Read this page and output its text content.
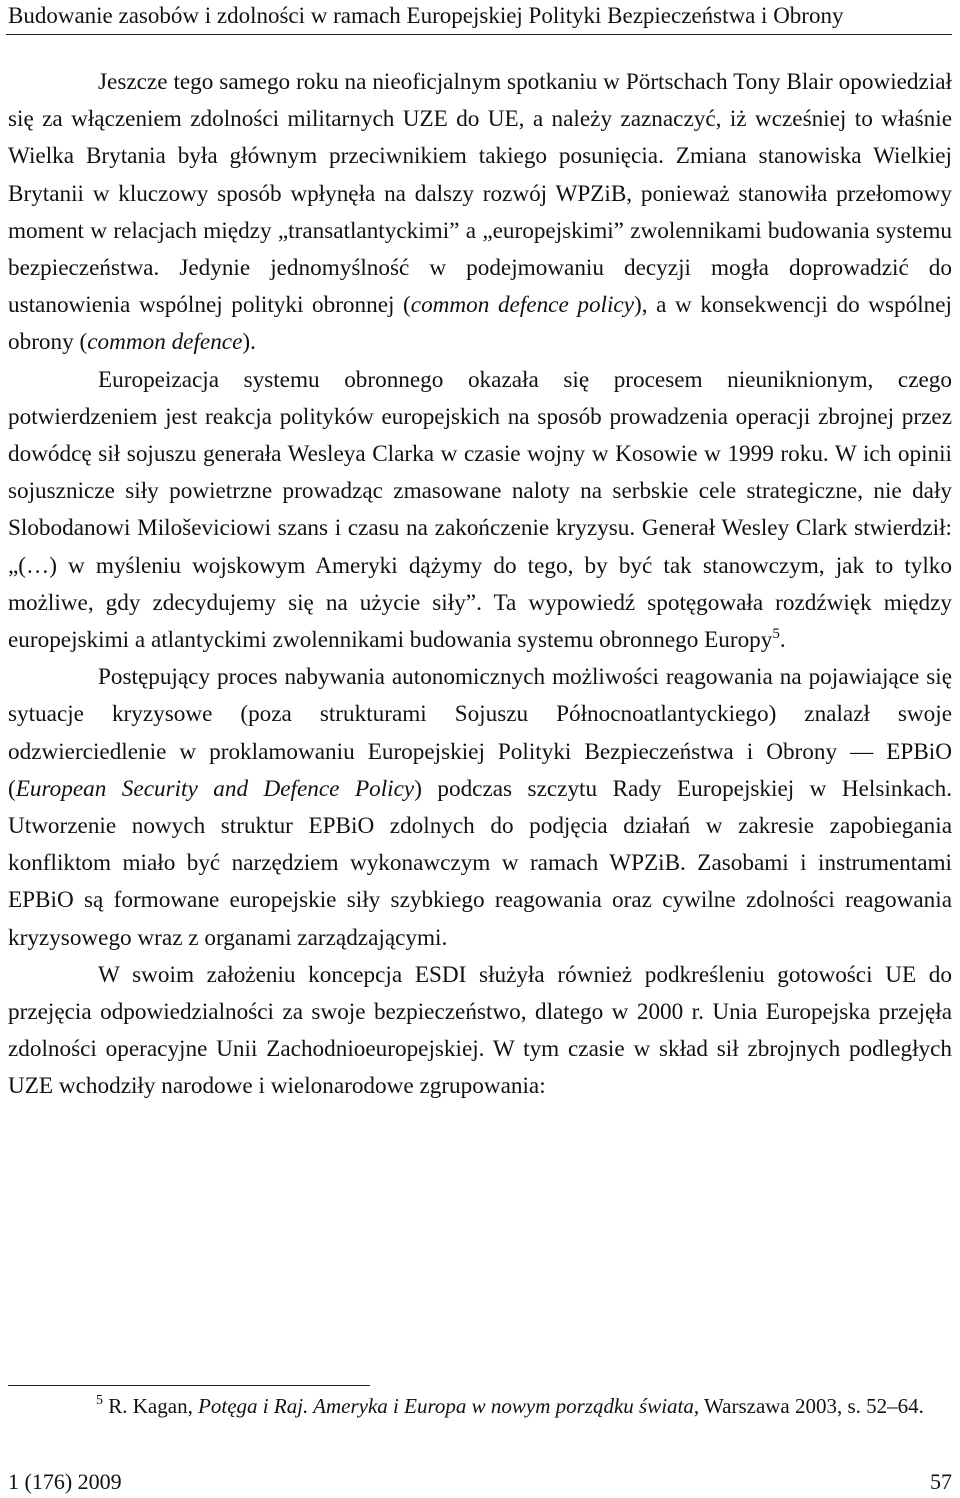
Budowanie zasobów i zdolności w ramach Europejskiej Polityki Bezpieczeństwa i Obrony

Jeszcze tego samego roku na nieoficjalnym spotkaniu w Pörtschach Tony Blair opowiedział się za włączeniem zdolności militarnych UZE do UE, a należy zaznaczyć, iż wcześniej to właśnie Wielka Brytania była głównym przeciwnikiem takiego posunięcia. Zmiana stanowiska Wielkiej Brytanii w kluczowy sposób wpłynęła na dalszy rozwój WPZiB, ponieważ stanowiła przełomowy moment w relacjach między „transatlantyckimi” a „europejskimi” zwolennikami budowania systemu bezpieczeństwa. Jedynie jednomyślność w podejmowaniu decyzji mogła doprowadzić do ustanowienia wspólnej polityki obronnej (common defence policy), a w konsekwencji do wspólnej obrony (common defence).

Europeizacja systemu obronnego okazała się procesem nieuniknionym, czego potwierdzeniem jest reakcja polityków europejskich na sposób prowadzenia operacji zbrojnej przez dowódcę sił sojuszu generała Wesleya Clarka w czasie wojny w Kosowie w 1999 roku. W ich opinii sojusznicze siły powietrzne prowadząc zmasowane naloty na serbskie cele strategiczne, nie dały Slobodanowi Miloševiciowi szans i czasu na zakończenie kryzysu. Generał Wesley Clark stwierdził: „(…) w myśleniu wojskowym Ameryki dążymy do tego, by być tak stanowczym, jak to tylko możliwe, gdy zdecydujemy się na użycie siły”. Ta wypowiedź spotęgowała rozdźwięk między europejskimi a atlantyckimi zwolennikami budowania systemu obronnego Europy$^5$.

Postępujący proces nabywania autonomicznych możliwości reagowania na pojawiające się sytuacje kryzysowe (poza strukturami Sojuszu Północnoatlantyckiego) znalazł swoje odzwierciedlenie w proklamowaniu Europejskiej Polityki Bezpieczeństwa i Obrony — EPBiO (European Security and Defence Policy) podczas szczytu Rady Europejskiej w Helsinkach. Utworzenie nowych struktur EPBiO zdolnych do podjęcia działań w zakresie zapobiegania konfliktom miało być narzędziem wykonawczym w ramach WPZiB. Zasobami i instrumentami EPBiO są formowane europejskie siły szybkiego reagowania oraz cywilne zdolności reagowania kryzysowego wraz z organami zarządzającymi.

W swoim założeniu koncepcja ESDI służyła również podkreśleniu gotowości UE do przejęcia odpowiedzialności za swoje bezpieczeństwo, dlatego w 2000 r. Unia Europejska przejęła zdolności operacyjne Unii Zachodnioeuropejskiej. W tym czasie w skład sił zbrojnych podległych UZE wchodziły narodowe i wielonarodowe zgrupowania:

$^5$ R. Kagan, Potęga i Raj. Ameryka i Europa w nowym porządku świata, Warszawa 2003, s. 52–64.
1 (176) 2009	57
